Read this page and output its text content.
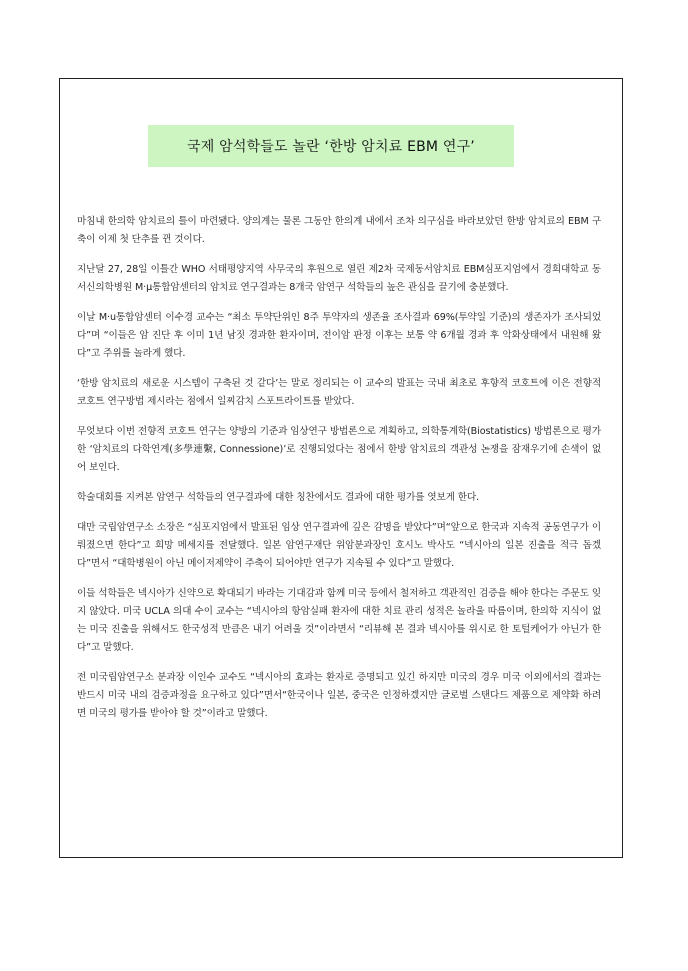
국제 암석학들도 놀란 ‘한방 암치료 EBM 연구’

마침내 한의학 암치료의 틀이 마련됐다. 양의계는 물론 그동안 한의계 내에서 조차 의구심을 바라보았던 한방 암치료의 EBM 구축이 이제 첫 단추를 뀐 것이다.

지난달 27, 28일 이틀간 WHO 서태평양지역 사무국의 후원으로 열린 제2차 국제동서암치료 EBM심포지엄에서 경희대학교 동서신의학병원 M·μ통합암센터의 암치료 연구결과는 8개국 암연구 석학들의 높은 관심을 끌기에 충분했다.

이날 M·u통합암센터 이수경 교수는 “최소 투약단위인 8주 투약자의 생존율 조사결과 69%(투약일 기준)의 생존자가 조사되었다”며 “이들은 암 진단 후 이미 1년 남짓 경과한 환자이며, 전이암 판정 이후는 보통 약 6개월 경과 후 악화상태에서 내원해 왔다”고 주위를 놀라게 했다.

‘한방 암치료의 새로운 시스템이 구축된 것 같다’는 말로 정리되는 이 교수의 발표는 국내 최초로 후향적 코호트에 이은 전향적 코호트 연구방법 제시라는 점에서 일찌감치 스포트라이트를 받았다.

무엇보다 이번 전향적 코호트 연구는 양방의 기준과 임상연구 방법론으로 계획하고, 의학통계학(Biostatistics) 방법론으로 평가한 ‘암치료의 다학연계(多學連繫, Connessione)’로 진행되었다는 점에서 한방 암치료의 객관성 논쟁을 잠재우기에 손색이 없어 보인다.

학술대회를 지켜본 암연구 석학들의 연구결과에 대한 칭찬에서도 결과에 대한 평가를 엿보게 한다.

대만 국립암연구소 소장은 “심포지엄에서 발표된 임상 연구결과에 깊은 감명을 받았다”며“앞으로 한국과 지속적 공동연구가 이뤄졌으면 한다”고 희망 메세지를 전달했다. 일본 암연구재단 위암분과장인 호시노 박사도 “넥시아의 일본 진출을 적극 돕겠다”면서 “대학병원이 아닌 메이저제약이 주축이 되어야만 연구가 지속될 수 있다”고 말했다.

이들 석학들은 넥시아가 신약으로 확대되기 바라는 기대감과 함께 미국 등에서 철저하고 객관적인 검증을 해야 한다는 주문도 잊지 않았다. 미국 UCLA 의대 수이 교수는 “넥시아의 항암실패 환자에 대한 치료 관리 성적은 놀라울 따름이며, 한의학 지식이 없는 미국 진출을 위해서도 한국성적 만큼은 내기 어려울 것”이라면서 “리뷰해 본 결과 넥시아를 위시로 한 토털케어가 아닌가 한다”고 말했다.

전 미국립암연구소 분과장 이인수 교수도 “넥시아의 효과는 환자로 증명되고 있긴 하지만 미국의 경우 미국 이외에서의 결과는 반드시 미국 내의 검증과정을 요구하고 있다”면서“한국이나 일본, 중국은 인정하겠지만 글로벌 스탠다드 제품으로 제약화 하려면 미국의 평가를 받아야 할 것”이라고 말했다.
